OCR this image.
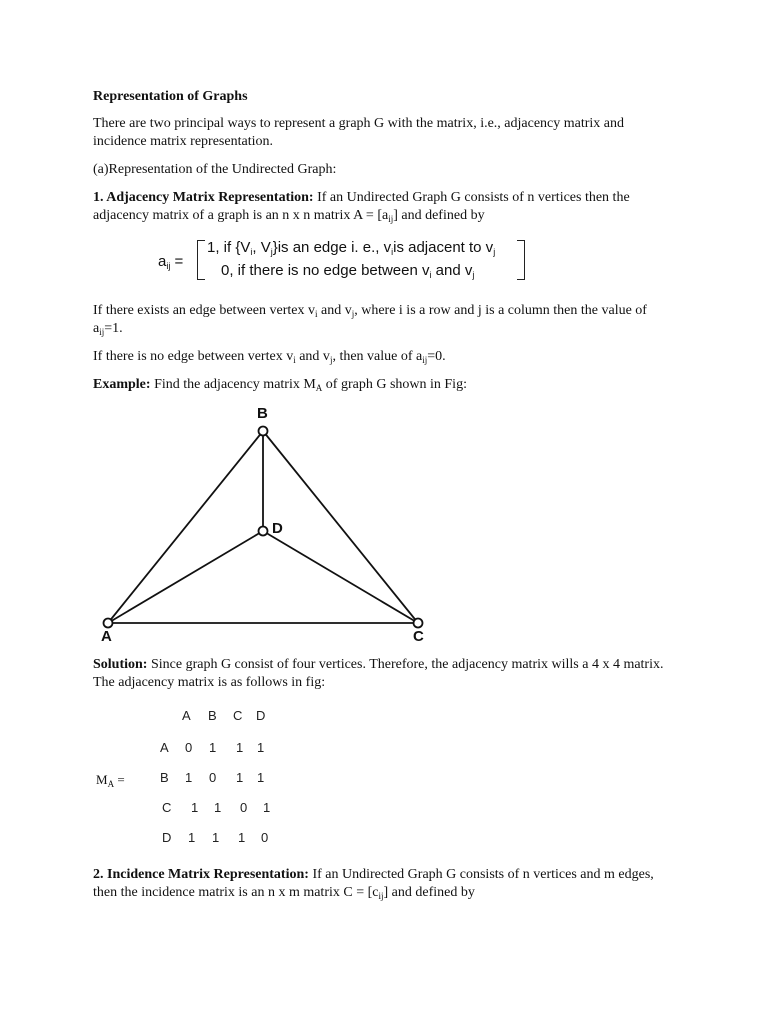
Representation of Graphs

There are two principal ways to represent a graph G with the matrix, i.e., adjacency matrix and incidence matrix representation.

(a)Representation of the Undirected Graph:

1. Adjacency Matrix Representation: If an Undirected Graph G consists of n vertices then the adjacency matrix of a graph is an n x n matrix $A = [a_{ij}]$ and defined by

$a_{ij}$ =
1, if {$V_i$, $V_j\}is$ an edge i. e., $v_iis$ adjacent to $v_j$
0, if there is no edge between $v_i$ and $v_j$

If there exists an edge between vertex $v_i$ and $v_j$, where i is a row and j is a column then the value of $a_{ij}=1$.

If there is no edge between vertex $v_i$ and $v_j$, then value of $a_{ij}=0$.

Example: Find the adjacency matrix $M_A$ of graph G shown in Fig:

B
D
A	C

Solution: Since graph G consist of four vertices. Therefore, the adjacency matrix wills a 4 x 4 matrix. The adjacency matrix is as follows in fig:

$M_A$ =
A B C D
A 0 1 1 1
B 1 0 1 1
C 1 1 0 1
D 1 1 1 0

2. Incidence Matrix Representation: If an Undirected Graph G consists of n vertices and m edges, then the incidence matrix is an n x m matrix $C = [c_{ij}]$ and defined by
